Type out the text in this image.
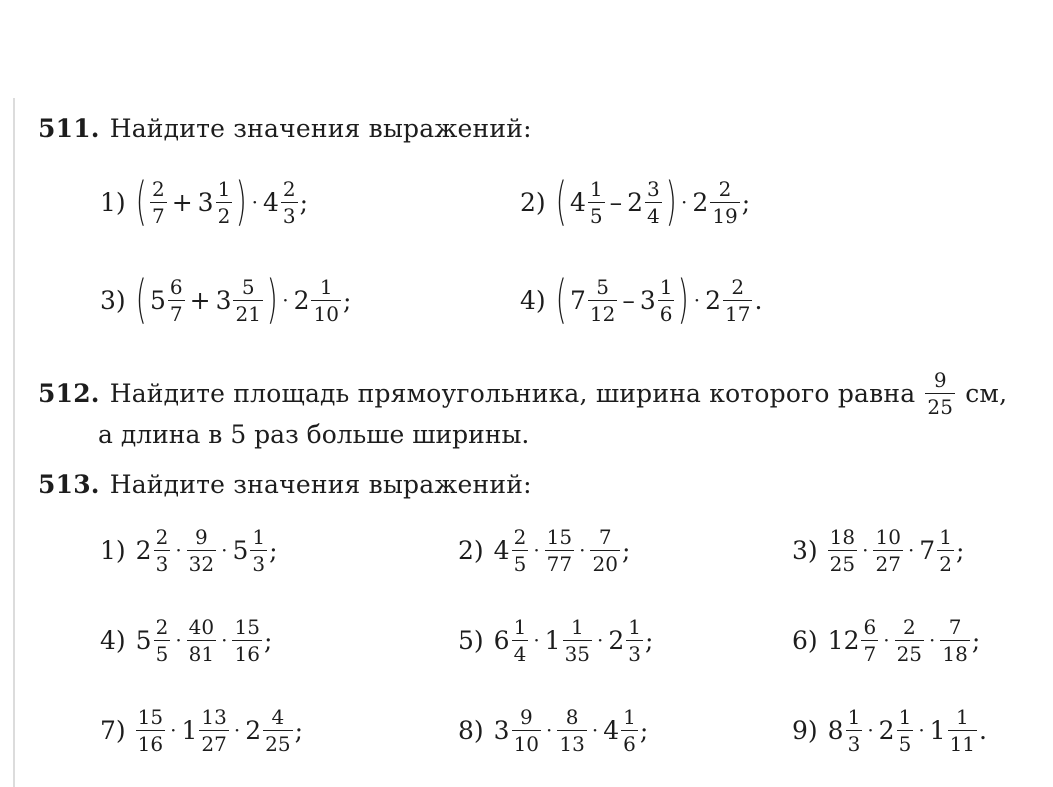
511. Найдите значения выражений:
1) ( $\frac{2}{7} + 3 \frac{1}{2}$ ) · $4 \frac{2}{3}$ ;	2) ( $4 \frac{1}{5} - 2 \frac{3}{4}$ ) · $2 \frac{2}{19}$ ;
3) ( $5 \frac{6}{7} + 3 \frac{5}{21}$ ) · $2 \frac{1}{10}$ ;	4) ( $7 \frac{5}{12} - 3 \frac{1}{6}$ ) · $2 \frac{2}{17}$ .
512. Найдите площадь прямоугольника, ширина которого равна $\frac{9}{25}$ см,
а длина в 5 раз больше ширины.
513. Найдите значения выражений:
1) $2 \frac{2}{3} \cdot \frac{9}{32} \cdot 5 \frac{1}{3}$ ;	2) $4 \frac{2}{5} \cdot \frac{15}{77} \cdot \frac{7}{20}$ ;	$3) \frac{18}{25} \cdot \frac{10}{27} \cdot 7 \frac{1}{2}$ ;
4) $5 \frac{2}{5} \cdot \frac{40}{81} \cdot \frac{15}{16}$ ;	5) $6 \frac{1}{4} \cdot 1 \frac{1}{35} \cdot 2 \frac{1}{3}$ ;	6) $12 \frac{6}{7} \cdot \frac{2}{25} \cdot \frac{7}{18}$ ;
$7) \frac{15}{16} \cdot 1 \frac{13}{27} \cdot 2 \frac{4}{25}$ ;	8) $3 \frac{9}{10} \cdot \frac{8}{13} \cdot 4 \frac{1}{6}$ ;	9) $8 \frac{1}{3} \cdot 2 \frac{1}{5} \cdot 1 \frac{1}{11}$ .
